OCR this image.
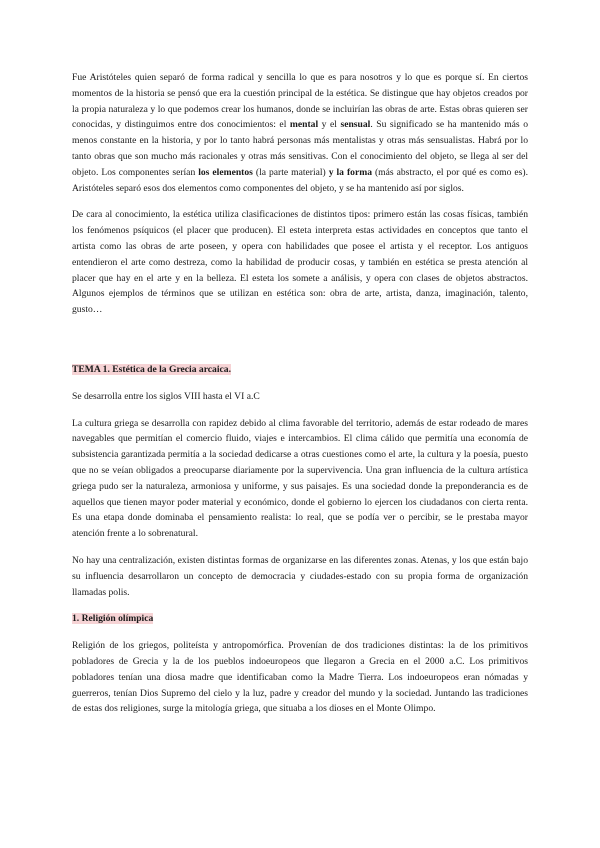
Fue Aristóteles quien separó de forma radical y sencilla lo que es para nosotros y lo que es porque sí. En ciertos momentos de la historia se pensó que era la cuestión principal de la estética. Se distingue que hay objetos creados por la propia naturaleza y lo que podemos crear los humanos, donde se incluirían las obras de arte. Estas obras quieren ser conocidas, y distinguimos entre dos conocimientos: el mental y el sensual. Su significado se ha mantenido más o menos constante en la historia, y por lo tanto habrá personas más mentalistas y otras más sensualistas. Habrá por lo tanto obras que son mucho más racionales y otras más sensitivas. Con el conocimiento del objeto, se llega al ser del objeto. Los componentes serían los elementos (la parte material) y la forma (más abstracto, el por qué es como es). Aristóteles separó esos dos elementos como componentes del objeto, y se ha mantenido así por siglos.

De cara al conocimiento, la estética utiliza clasificaciones de distintos tipos: primero están las cosas físicas, también los fenómenos psíquicos (el placer que producen). El esteta interpreta estas actividades en conceptos que tanto el artista como las obras de arte poseen, y opera con habilidades que posee el artista y el receptor. Los antiguos entendieron el arte como destreza, como la habilidad de producir cosas, y también en estética se presta atención al placer que hay en el arte y en la belleza. El esteta los somete a análisis, y opera con clases de objetos abstractos. Algunos ejemplos de términos que se utilizan en estética son: obra de arte, artista, danza, imaginación, talento, gusto…

TEMA 1. Estética de la Grecia arcaica.

Se desarrolla entre los siglos VIII hasta el VI a.C

La cultura griega se desarrolla con rapidez debido al clima favorable del territorio, además de estar rodeado de mares navegables que permitían el comercio fluido, viajes e intercambios. El clima cálido que permitía una economía de subsistencia garantizada permitía a la sociedad dedicarse a otras cuestiones como el arte, la cultura y la poesía, puesto que no se veían obligados a preocuparse diariamente por la supervivencia. Una gran influencia de la cultura artística griega pudo ser la naturaleza, armoniosa y uniforme, y sus paisajes. Es una sociedad donde la preponderancia es de aquellos que tienen mayor poder material y económico, donde el gobierno lo ejercen los ciudadanos con cierta renta. Es una etapa donde dominaba el pensamiento realista: lo real, que se podía ver o percibir, se le prestaba mayor atención frente a lo sobrenatural.

No hay una centralización, existen distintas formas de organizarse en las diferentes zonas. Atenas, y los que están bajo su influencia desarrollaron un concepto de democracia y ciudades-estado con su propia forma de organización llamadas polis.

1. Religión olímpica

Religión de los griegos, politeísta y antropomórfica. Provenían de dos tradiciones distintas: la de los primitivos pobladores de Grecia y la de los pueblos indoeuropeos que llegaron a Grecia en el 2000 a.C. Los primitivos pobladores tenían una diosa madre que identificaban como la Madre Tierra. Los indoeuropeos eran nómadas y guerreros, tenían Dios Supremo del cielo y la luz, padre y creador del mundo y la sociedad. Juntando las tradiciones de estas dos religiones, surge la mitología griega, que situaba a los dioses en el Monte Olimpo.
